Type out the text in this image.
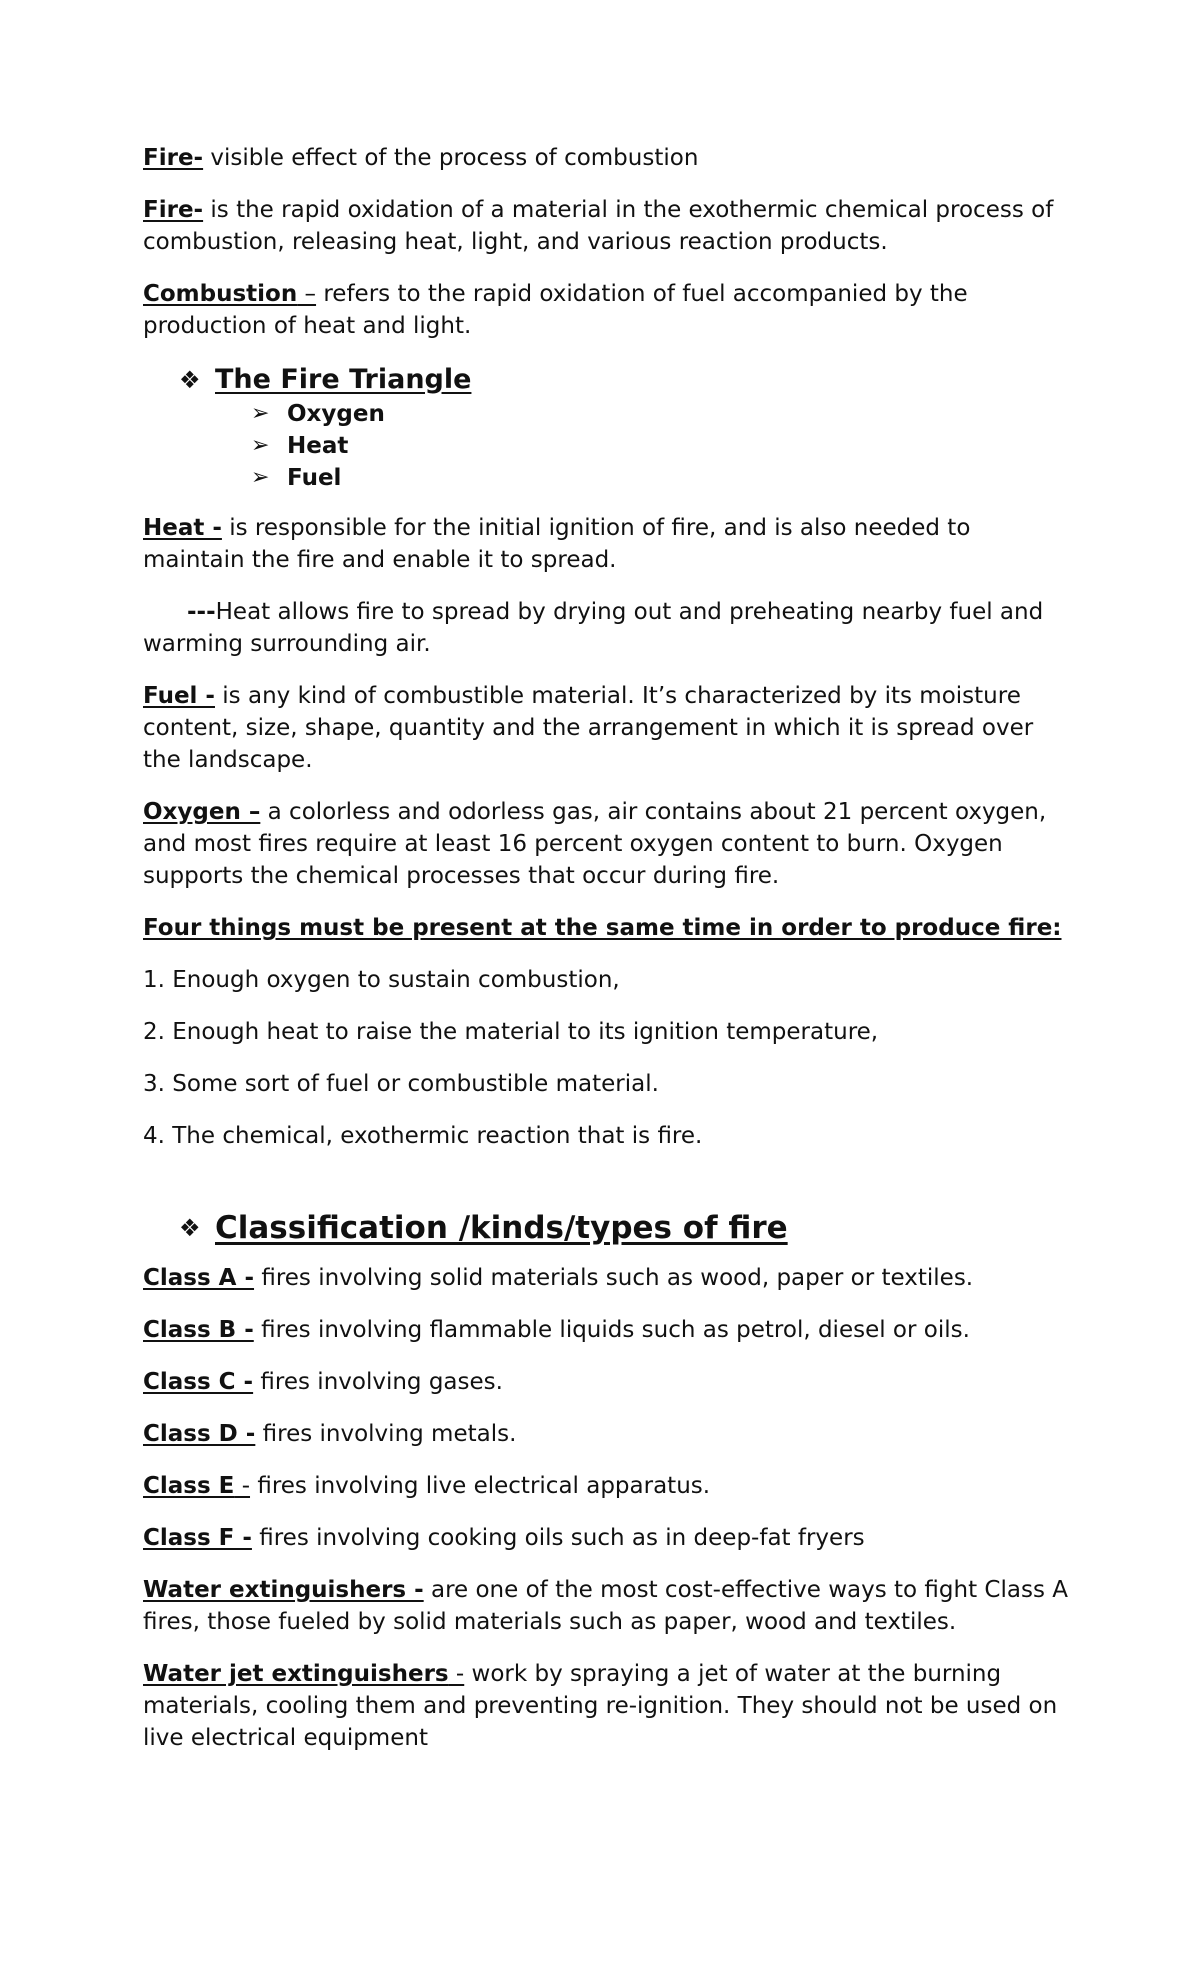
Fire- visible effect of the process of combustion

Fire- is the rapid oxidation of a material in the exothermic chemical process of combustion, releasing heat, light, and various reaction products.

Combustion – refers to the rapid oxidation of fuel accompanied by the production of heat and light.

❖ The Fire Triangle
➢ Oxygen
➢ Heat
➢ Fuel

Heat - is responsible for the initial ignition of fire, and is also needed to maintain the fire and enable it to spread.

---Heat allows fire to spread by drying out and preheating nearby fuel and warming surrounding air.

Fuel - is any kind of combustible material. It’s characterized by its moisture content, size, shape, quantity and the arrangement in which it is spread over the landscape.

Oxygen – a colorless and odorless gas, air contains about 21 percent oxygen, and most fires require at least 16 percent oxygen content to burn. Oxygen supports the chemical processes that occur during fire.

Four things must be present at the same time in order to produce fire:

1. Enough oxygen to sustain combustion,

2. Enough heat to raise the material to its ignition temperature,

3. Some sort of fuel or combustible material.

4. The chemical, exothermic reaction that is fire.

❖ Classification /kinds/types of fire

Class A - fires involving solid materials such as wood, paper or textiles.

Class B - fires involving flammable liquids such as petrol, diesel or oils.

Class C - fires involving gases.

Class D - fires involving metals.

Class E - fires involving live electrical apparatus.

Class F - fires involving cooking oils such as in deep-fat fryers

Water extinguishers - are one of the most cost-effective ways to fight Class A fires, those fueled by solid materials such as paper, wood and textiles.

Water jet extinguishers - work by spraying a jet of water at the burning materials, cooling them and preventing re-ignition. They should not be used on live electrical equipment
